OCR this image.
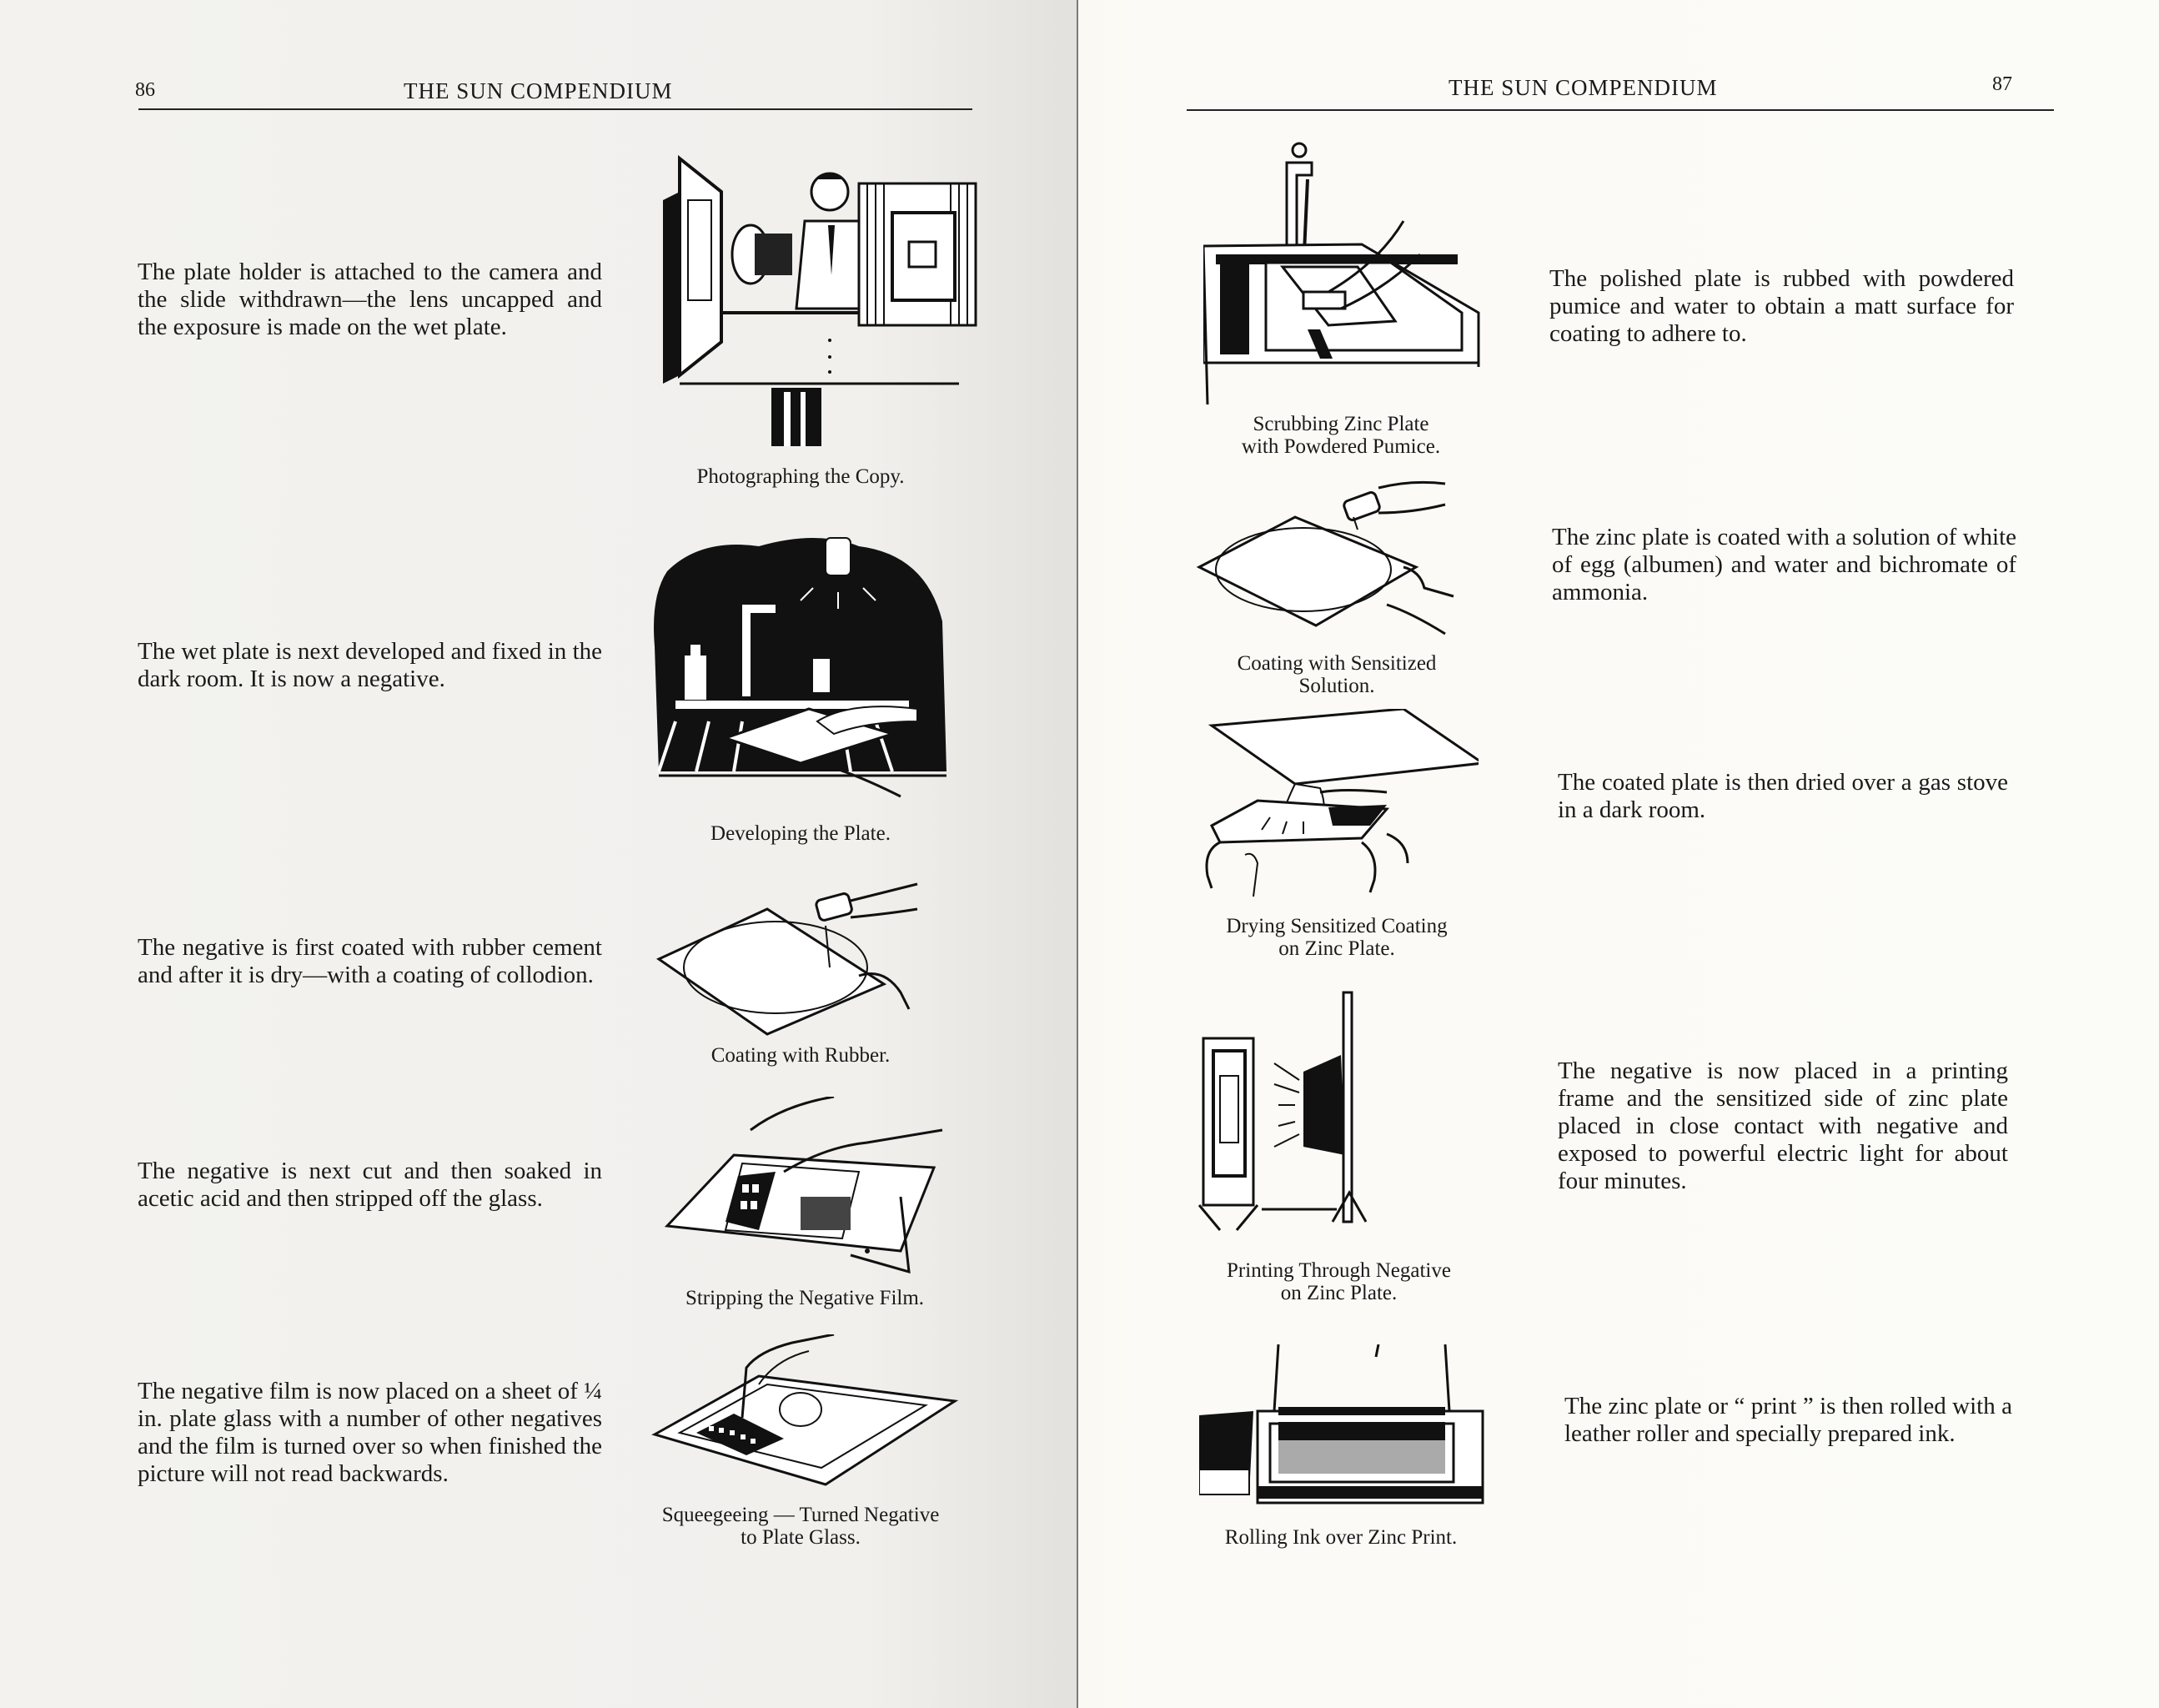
86	THE SUN COMPENDIUM
The plate holder is attached to the camera and the slide withdrawn—the lens uncapped and the exposure is made on the wet plate.
Photographing the Copy.
The wet plate is next developed and fixed in the dark room. It is now a negative.
Developing the Plate.
The negative is first coated with rubber cement and after it is dry—with a coating of collodion.
Coating with Rubber.
The negative is next cut and then soaked in acetic acid and then stripped off the glass.
Stripping the Negative Film.
The negative film is now placed on a sheet of ¼ in. plate glass with a number of other negatives and the film is turned over so when finished the picture will not read backwards.
Squeegeeing — Turned Negative to Plate Glass.
THE SUN COMPENDIUM	87
Scrubbing Zinc Plate
with Powdered Pumice.
The polished plate is rubbed with powdered pumice and water to obtain a matt surface for coating to adhere to.
Coating with Sensitized
Solution.
The zinc plate is coated with a solution of white of egg (albumen) and water and bichromate of ammonia.
Drying Sensitized Coating
on Zinc Plate.
The coated plate is then dried over a gas stove in a dark room.
Printing Through Negative
on Zinc Plate.
The negative is now placed in a printing frame and the sensitized side of zinc plate placed in close contact with negative and exposed to powerful electric light for about four minutes.
Rolling Ink over Zinc Print.
The zinc plate or “ print ” is then rolled with a leather roller and specially prepared ink.
